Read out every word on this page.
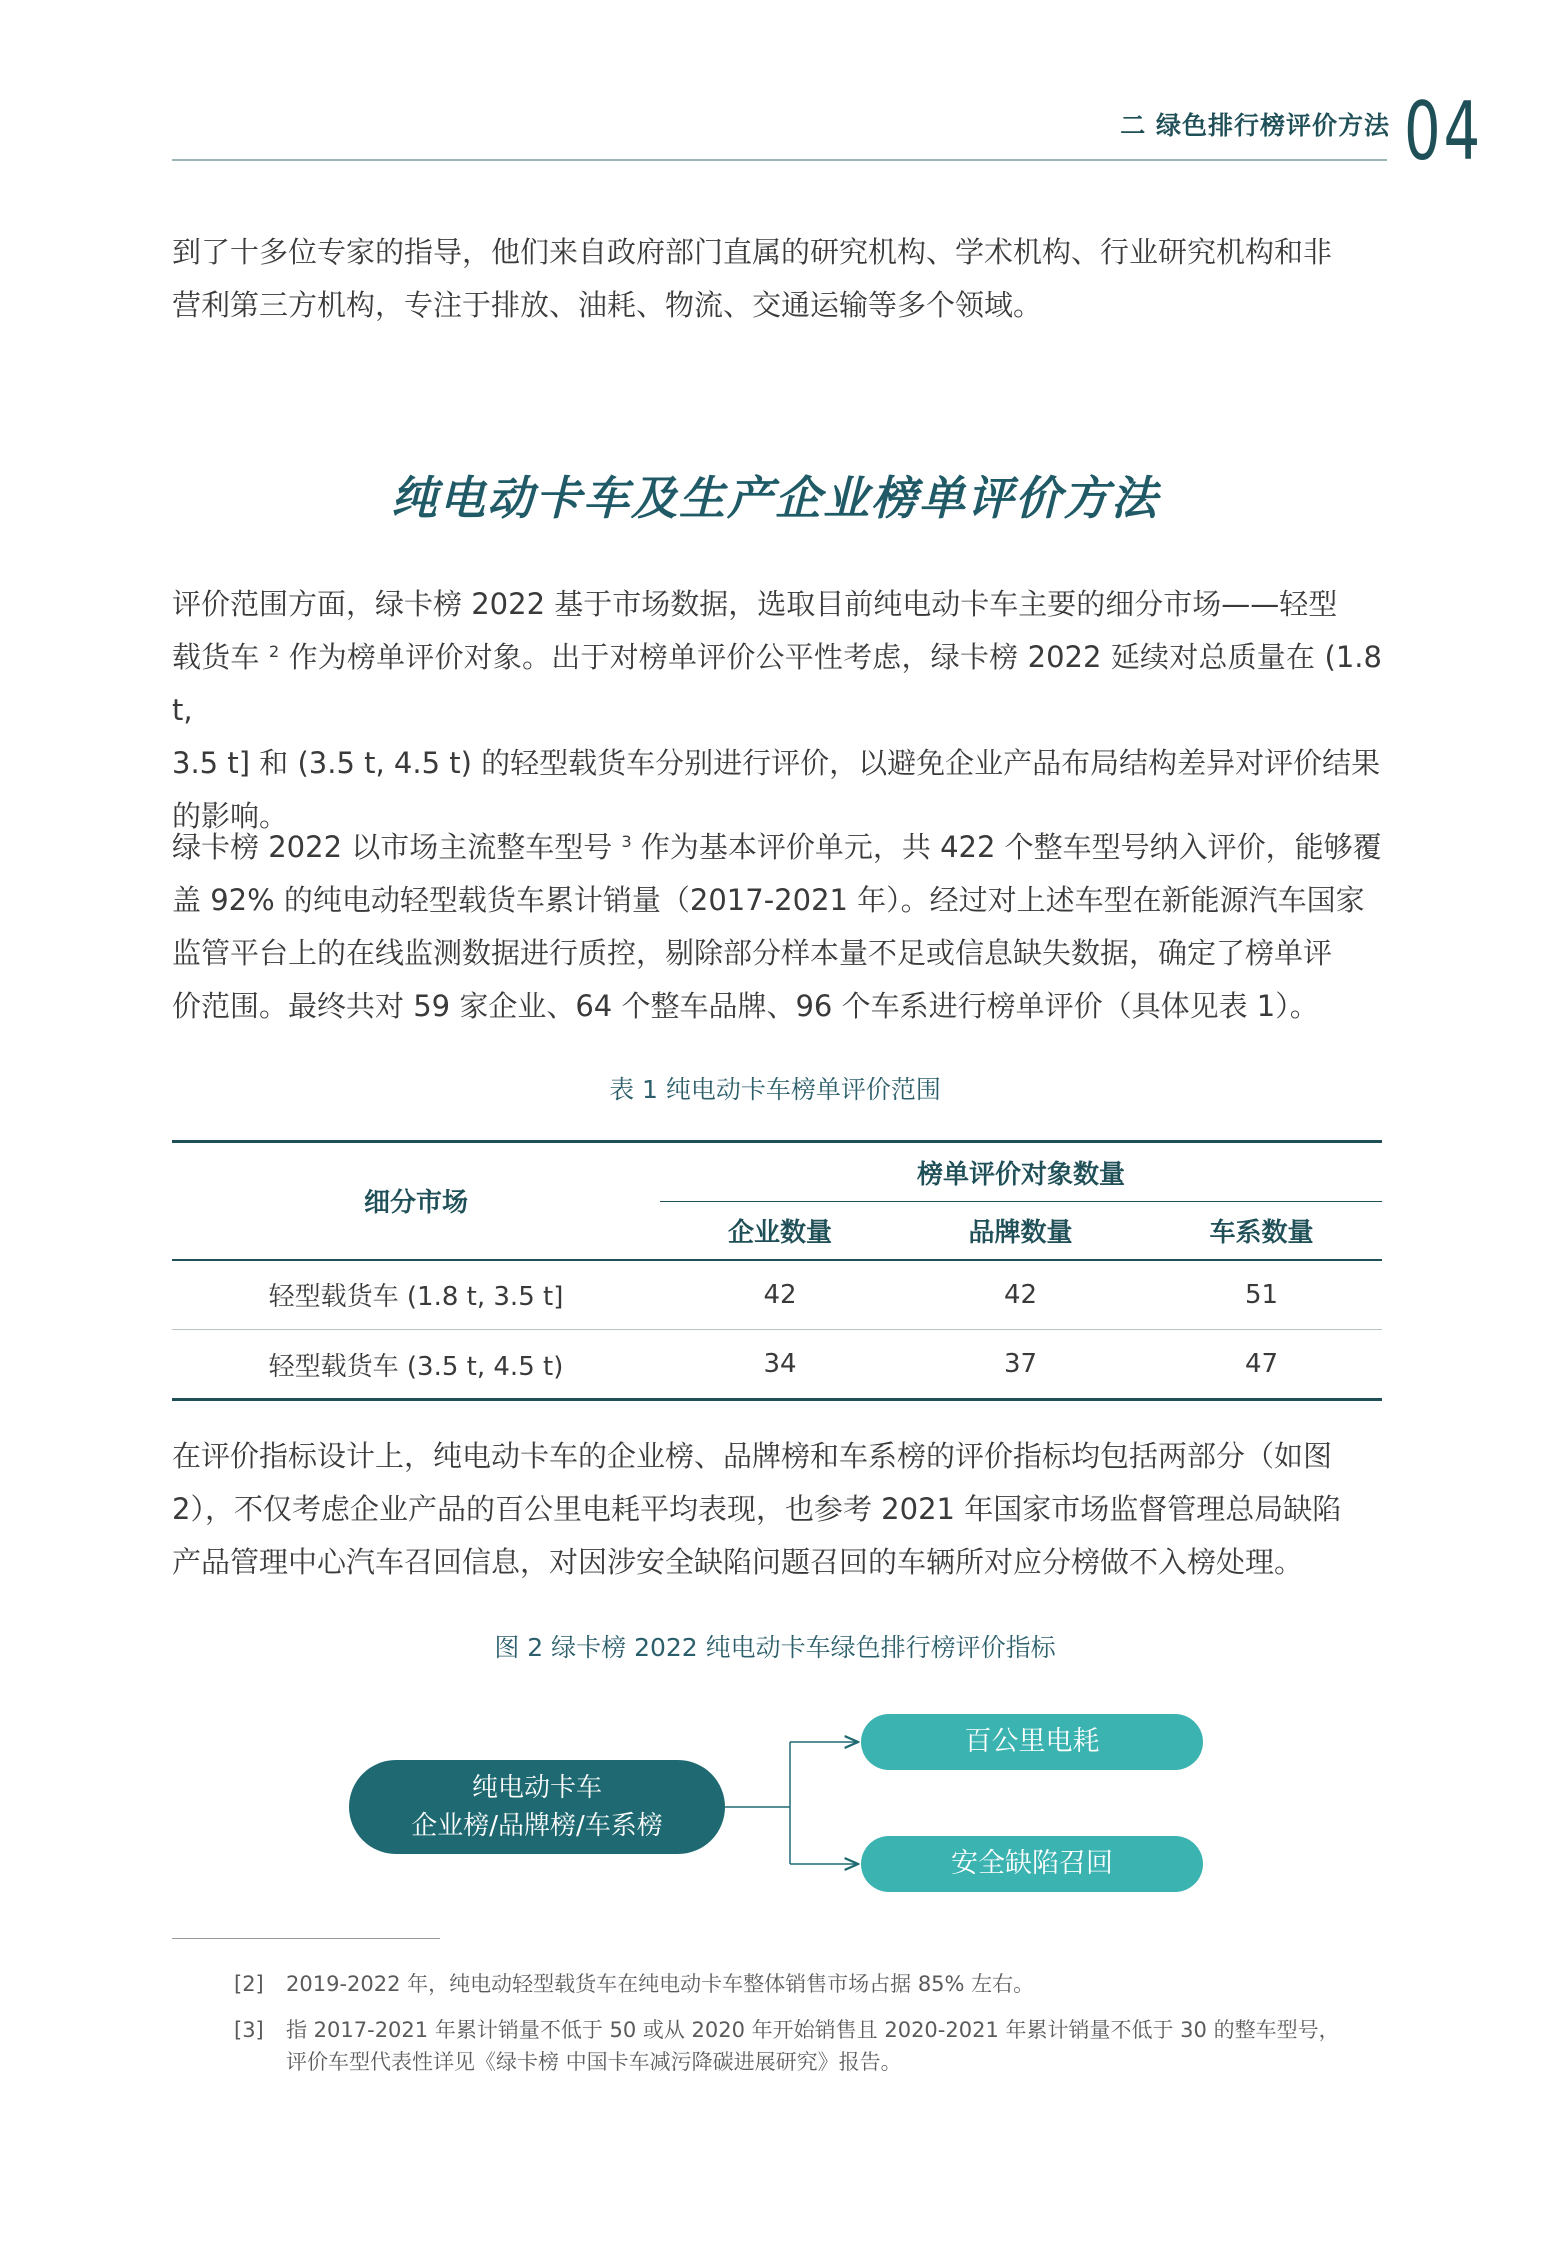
二 绿色排行榜评价方法 04
到了十多位专家的指导，他们来自政府部门直属的研究机构、学术机构、行业研究机构和非
营利第三方机构，专注于排放、油耗、物流、交通运输等多个领域。
纯电动卡车及生产企业榜单评价方法
评价范围方面，绿卡榜 2022 基于市场数据，选取目前纯电动卡车主要的细分市场——轻型
载货车 $^2$ 作为榜单评价对象。出于对榜单评价公平性考虑，绿卡榜 2022 延续对总质量在 (1.8 t,
3.5 t] 和 (3.5 t, 4.5 t) 的轻型载货车分别进行评价，以避免企业产品布局结构差异对评价结果
的影响。
绿卡榜 2022 以市场主流整车型号 $^3$ 作为基本评价单元，共 422 个整车型号纳入评价，能够覆
盖 92% 的纯电动轻型载货车累计销量（2017-2021 年）。经过对上述车型在新能源汽车国家
监管平台上的在线监测数据进行质控，剔除部分样本量不足或信息缺失数据，确定了榜单评
价范围。最终共对 59 家企业、64 个整车品牌、96 个车系进行榜单评价（具体见表 1）。
表 1 纯电动卡车榜单评价范围
细分市场	榜单评价对象数量		
	企业数量	品牌数量	车系数量
轻型载货车 (1.8 t, 3.5 t]	42	42	51
轻型载货车 (3.5 t, 4.5 t)	34	37	47
在评价指标设计上，纯电动卡车的企业榜、品牌榜和车系榜的评价指标均包括两部分（如图
2），不仅考虑企业产品的百公里电耗平均表现，也参考 2021 年国家市场监督管理总局缺陷
产品管理中心汽车召回信息，对因涉安全缺陷问题召回的车辆所对应分榜做不入榜处理。
图 2 绿卡榜 2022 纯电动卡车绿色排行榜评价指标
纯电动卡车
企业榜/品牌榜/车系榜
百公里电耗
安全缺陷召回
[2] 2019-2022 年，纯电动轻型载货车在纯电动卡车整体销售市场占据 85% 左右。
[3] 指 2017-2021 年累计销量不低于 50 或从 2020 年开始销售且 2020-2021 年累计销量不低于 30 的整车型号，
评价车型代表性详见《绿卡榜 中国卡车减污降碳进展研究》报告。
